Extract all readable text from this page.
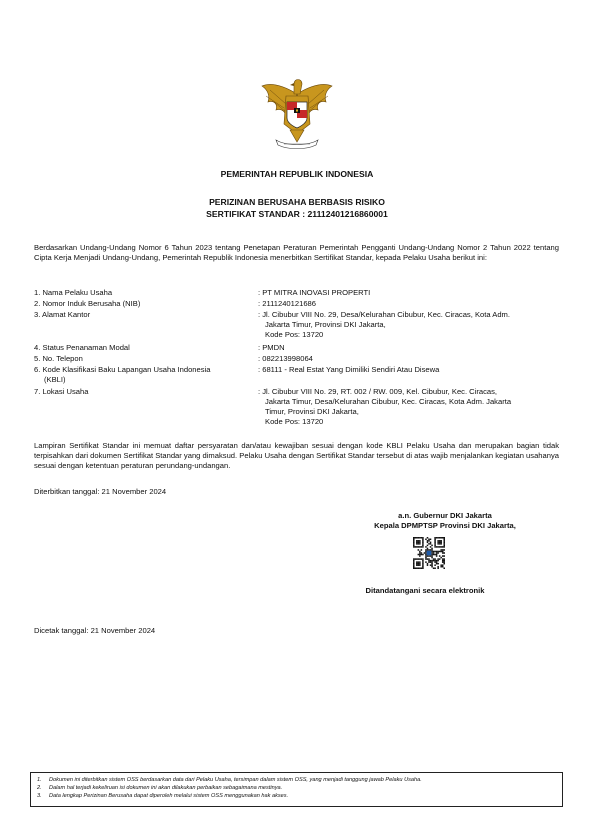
PEMERINTAH REPUBLIK INDONESIA
PERIZINAN BERUSAHA BERBASIS RISIKO
SERTIFIKAT STANDAR : 21112401216860001
Berdasarkan Undang-Undang Nomor 6 Tahun 2023 tentang Penetapan Peraturan Pemerintah Pengganti Undang-Undang Nomor 2 Tahun 2022 tentang Cipta Kerja Menjadi Undang-Undang, Pemerintah Republik Indonesia menerbitkan Sertifikat Standar, kepada Pelaku Usaha berikut ini:
1. Nama Pelaku Usaha	: PT MITRA INOVASI PROPERTI
2. Nomor Induk Berusaha (NIB)	: 2111240121686
3. Alamat Kantor	: Jl. Cibubur VIII No. 29, Desa/Kelurahan Cibubur, Kec. Ciracas, Kota Adm.
Jakarta Timur, Provinsi DKI Jakarta,
Kode Pos: 13720
4. Status Penanaman Modal	: PMDN
5. No. Telepon	: 082213998064
6. Kode Klasifikasi Baku Lapangan Usaha Indonesia
(KBLI)
: 68111 - Real Estat Yang Dimiliki Sendiri Atau Disewa
7. Lokasi Usaha	: Jl. Cibubur VIII No. 29, RT. 002 / RW. 009, Kel. Cibubur, Kec. Ciracas,
Jakarta Timur, Desa/Kelurahan Cibubur, Kec. Ciracas, Kota Adm. Jakarta
Timur, Provinsi DKI Jakarta,
Kode Pos: 13720
Lampiran Sertifikat Standar ini memuat daftar persyaratan dan/atau kewajiban sesuai dengan kode KBLI Pelaku Usaha dan merupakan bagian tidak terpisahkan dari dokumen Sertifikat Standar yang dimaksud. Pelaku Usaha dengan Sertifikat Standar tersebut di atas wajib menjalankan kegiatan usahanya sesuai dengan ketentuan peraturan perundang-undangan.
Diterbitkan tanggal: 21 November 2024
a.n. Gubernur DKI Jakarta
Kepala DPMPTSP Provinsi DKI Jakarta,
Ditandatangani secara elektronik
Dicetak tanggal: 21 November 2024
1. Dokumen ini diterbitkan sistem OSS berdasarkan data dari Pelaku Usaha, tersimpan dalam sistem OSS, yang menjadi tanggung jawab Pelaku Usaha.
2. Dalam hal terjadi kekeliruan isi dokumen ini akan dilakukan perbaikan sebagaimana mestinya.
3. Data lengkap Perizinan Berusaha dapat diperoleh melalui sistem OSS menggunakan hak akses.
